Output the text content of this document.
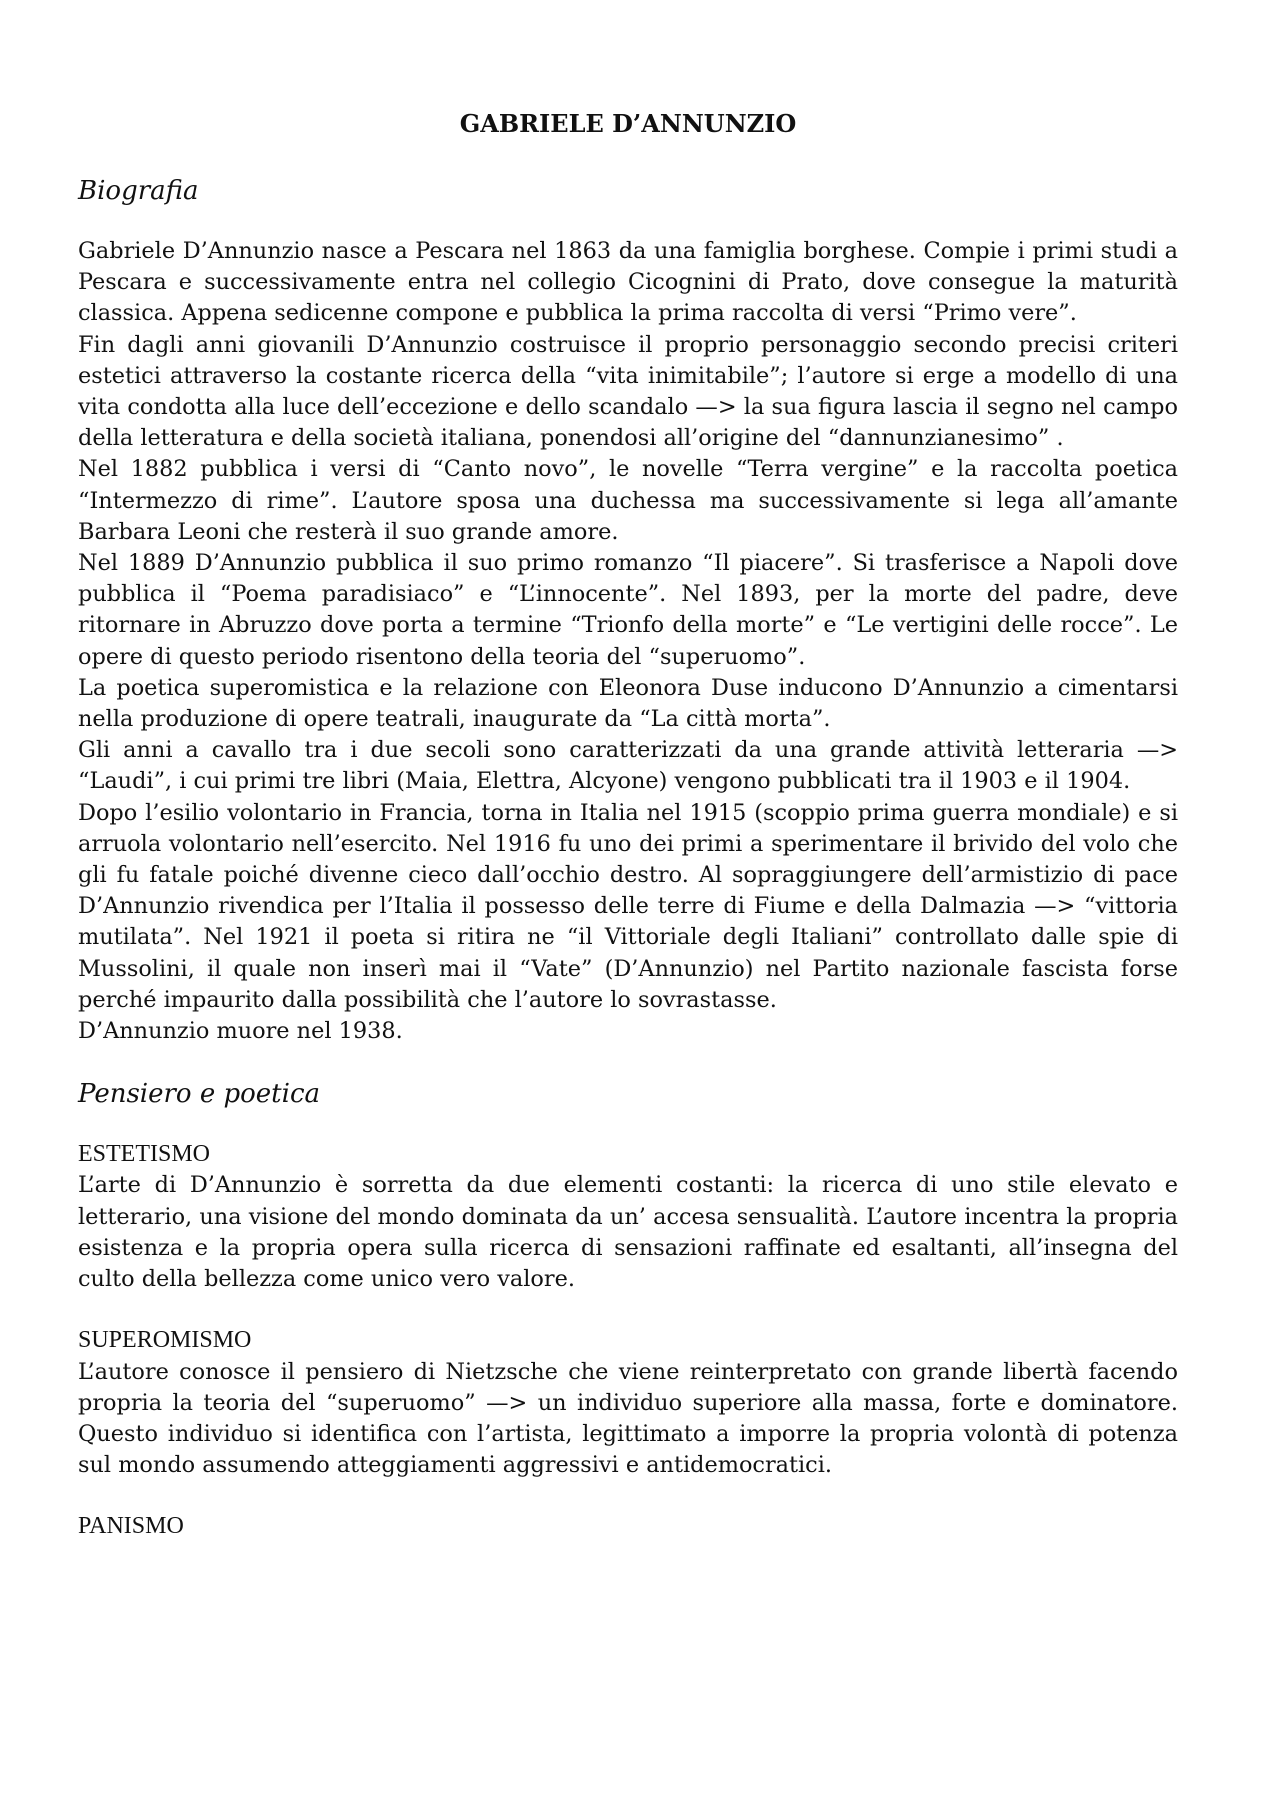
GABRIELE D’ANNUNZIO
Biografia

Gabriele D’Annunzio nasce a Pescara nel 1863 da una famiglia borghese. Compie i primi studi a Pescara e successivamente entra nel collegio Cicognini di Prato, dove consegue la maturità classica. Appena sedicenne compone e pubblica la prima raccolta di versi “Primo vere”.

Fin dagli anni giovanili D’Annunzio costruisce il proprio personaggio secondo precisi criteri estetici attraverso la costante ricerca della “vita inimitabile”; l’autore si erge a modello di una vita condotta alla luce dell’eccezione e dello scandalo —> la sua figura lascia il segno nel campo della letteratura e della società italiana, ponendosi all’origine del “dannunzianesimo” .

Nel 1882 pubblica i versi di “Canto novo”, le novelle “Terra vergine” e la raccolta poetica “Intermezzo di rime”. L’autore sposa una duchessa ma successivamente si lega all’amante Barbara Leoni che resterà il suo grande amore.

Nel 1889 D’Annunzio pubblica il suo primo romanzo “Il piacere”. Si trasferisce a Napoli dove pubblica il “Poema paradisiaco” e “L’innocente”. Nel 1893, per la morte del padre, deve ritornare in Abruzzo dove porta a termine “Trionfo della morte” e “Le vertigini delle rocce”. Le opere di questo periodo risentono della teoria del “superuomo”.

La poetica superomistica e la relazione con Eleonora Duse inducono D’Annunzio a cimentarsi nella produzione di opere teatrali, inaugurate da “La città morta”.

Gli anni a cavallo tra i due secoli sono caratterizzati da una grande attività letteraria —> “Laudi”, i cui primi tre libri (Maia, Elettra, Alcyone) vengono pubblicati tra il 1903 e il 1904.

Dopo l’esilio volontario in Francia, torna in Italia nel 1915 (scoppio prima guerra mondiale) e si arruola volontario nell’esercito. Nel 1916 fu uno dei primi a sperimentare il brivido del volo che gli fu fatale poiché divenne cieco dall’occhio destro. Al sopraggiungere dell’armistizio di pace D’Annunzio rivendica per l’Italia il possesso delle terre di Fiume e della Dalmazia —> “vittoria mutilata”. Nel 1921 il poeta si ritira ne “il Vittoriale degli Italiani” controllato dalle spie di Mussolini, il quale non inserì mai il “Vate” (D’Annunzio) nel Partito nazionale fascista forse perché impaurito dalla possibilità che l’autore lo sovrastasse.

D’Annunzio muore nel 1938.

Pensiero e poetica
ESTETISMO

L’arte di D’Annunzio è sorretta da due elementi costanti: la ricerca di uno stile elevato e letterario, una visione del mondo dominata da un’ accesa sensualità. L’autore incentra la propria esistenza e la propria opera sulla ricerca di sensazioni raffinate ed esaltanti, all’insegna del culto della bellezza come unico vero valore.

SUPEROMISMO

L’autore conosce il pensiero di Nietzsche che viene reinterpretato con grande libertà facendo propria la teoria del “superuomo” —> un individuo superiore alla massa, forte e dominatore. Questo individuo si identifica con l’artista, legittimato a imporre la propria volontà di potenza sul mondo assumendo atteggiamenti aggressivi e antidemocratici.

PANISMO
